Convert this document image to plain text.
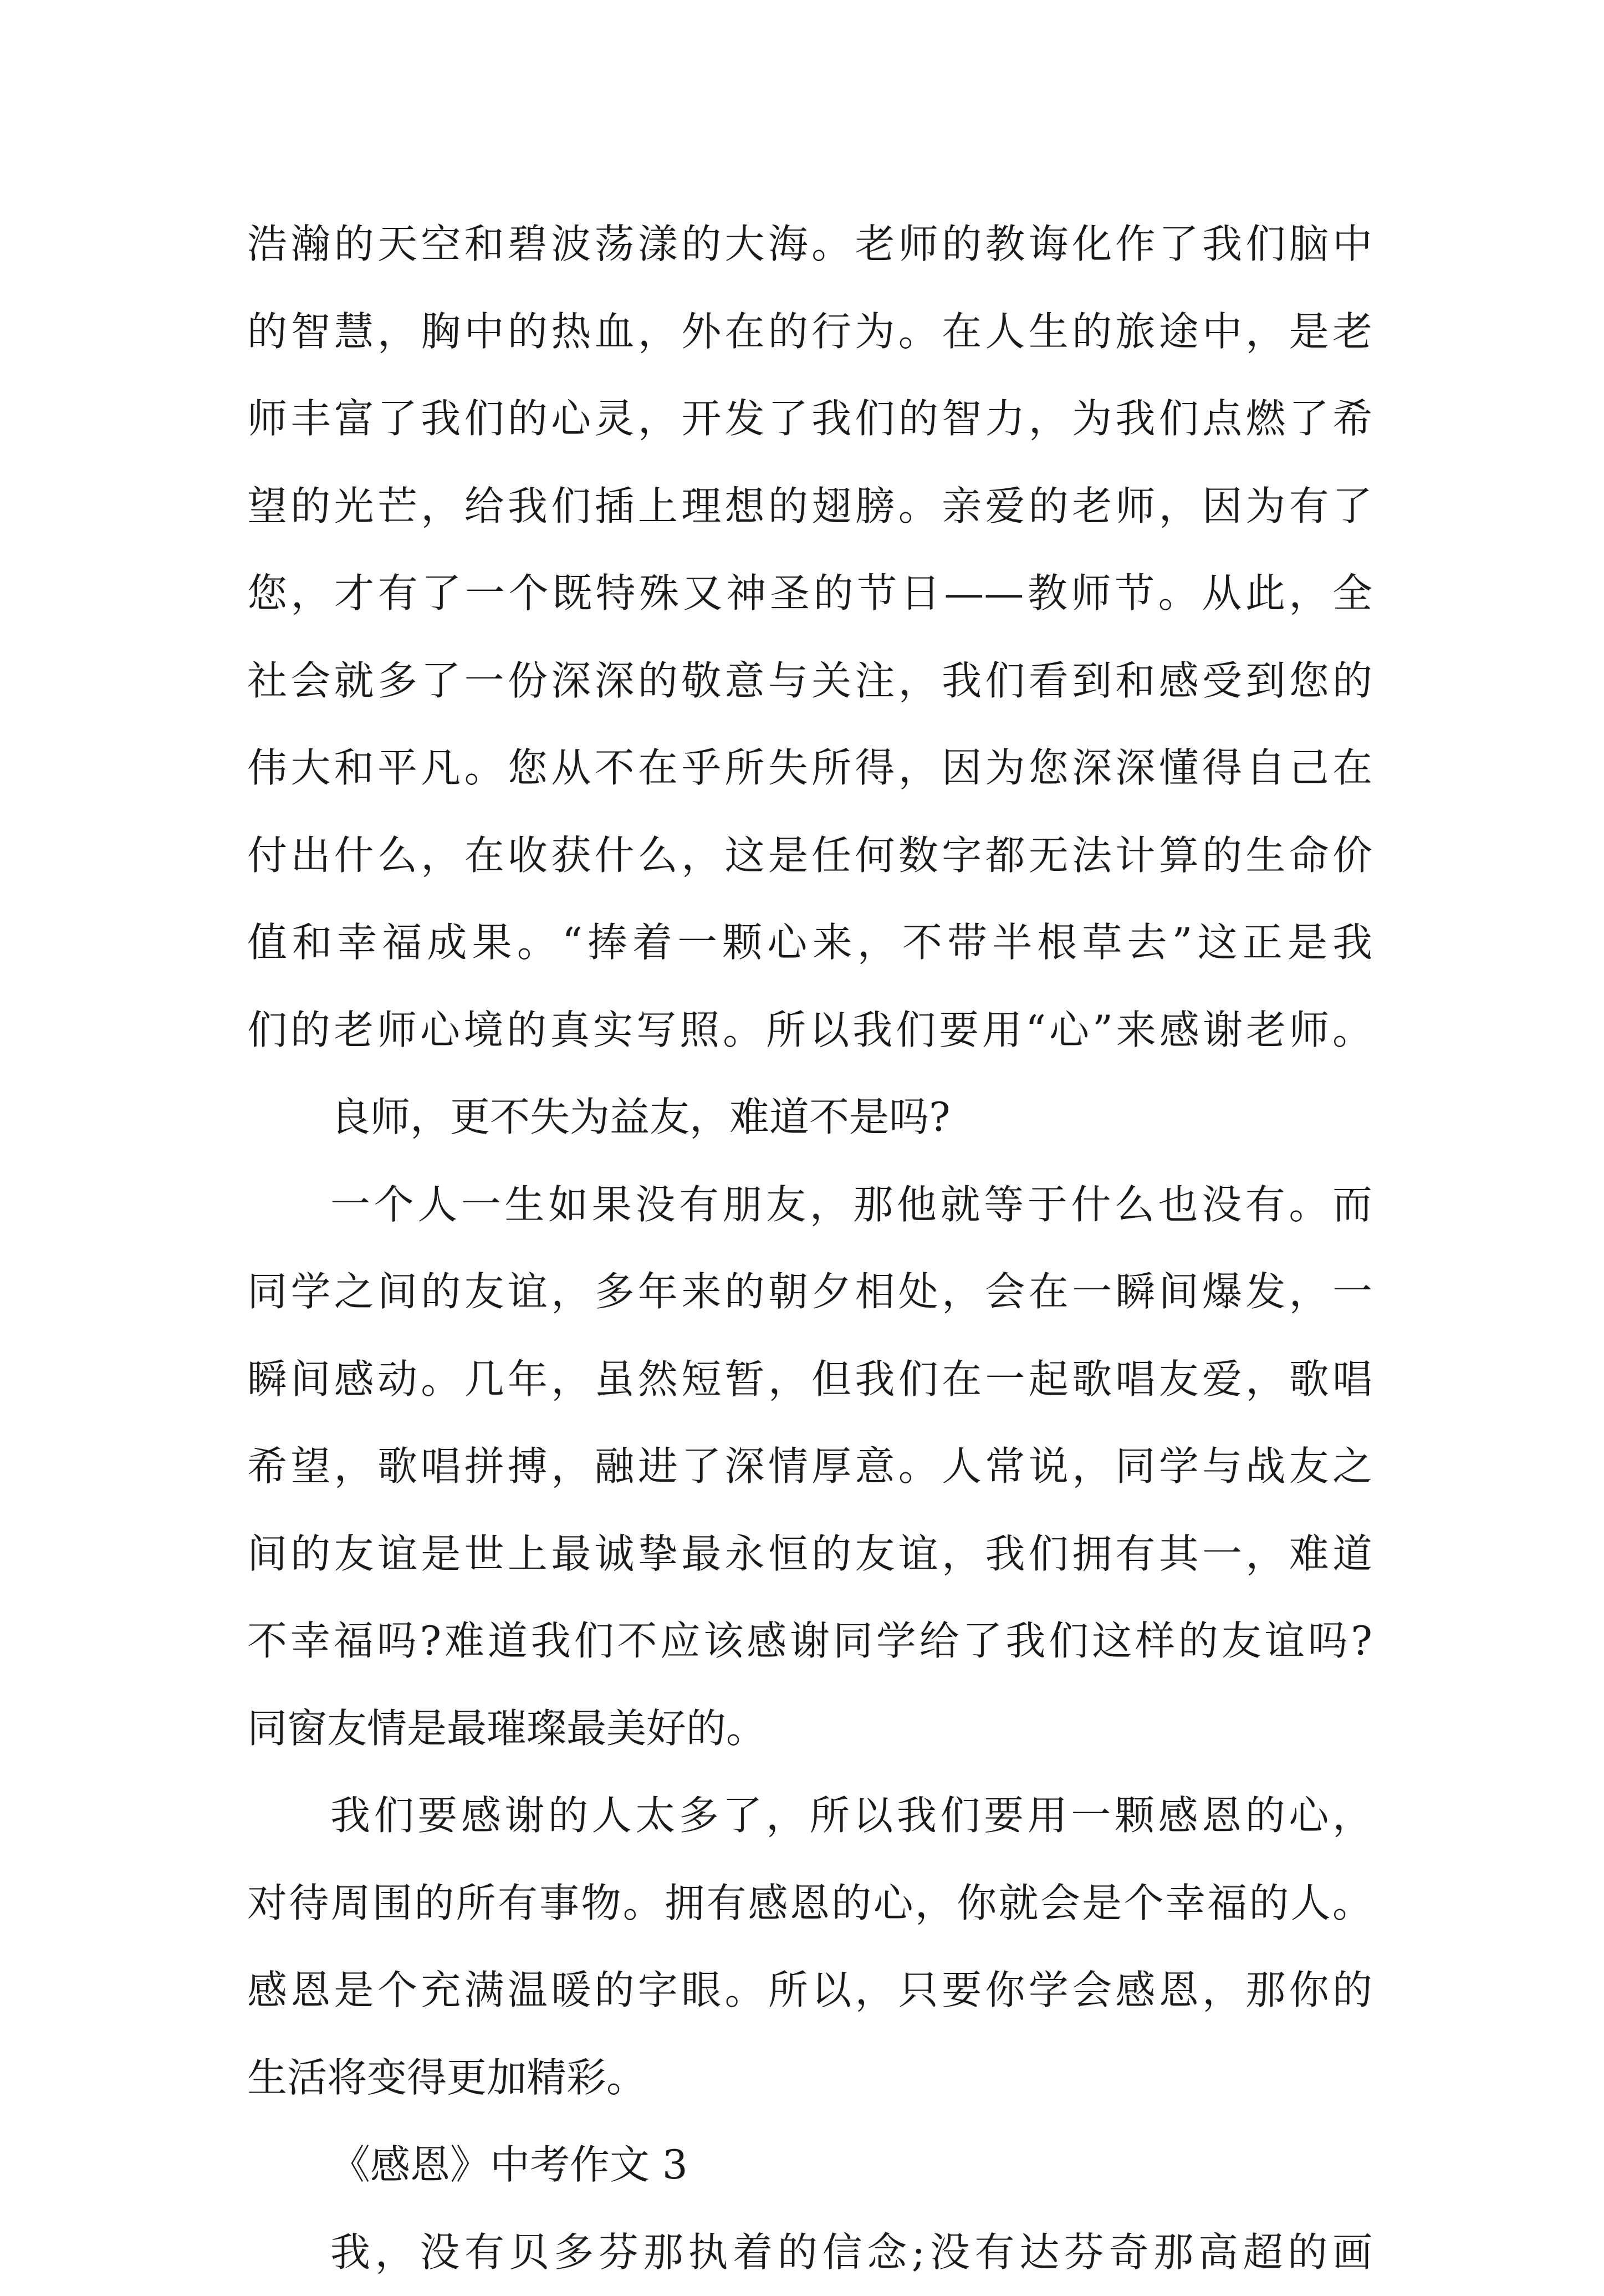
浩瀚的天空和碧波荡漾的大海。老师的教诲化作了我们脑中
的智慧，胸中的热血，外在的行为。在人生的旅途中，是老
师丰富了我们的心灵，开发了我们的智力，为我们点燃了希
望的光芒，给我们插上理想的翅膀。亲爱的老师，因为有了
您，才有了一个既特殊又神圣的节日——教师节。从此，全
社会就多了一份深深的敬意与关注，我们看到和感受到您的
伟大和平凡。您从不在乎所失所得，因为您深深懂得自己在
付出什么，在收获什么，这是任何数字都无法计算的生命价
值和幸福成果。“捧着一颗心来，不带半根草去”这正是我
们的老师心境的真实写照。所以我们要用“心”来感谢老师。
良师，更不失为益友，难道不是吗?
一个人一生如果没有朋友，那他就等于什么也没有。而
同学之间的友谊，多年来的朝夕相处，会在一瞬间爆发，一
瞬间感动。几年，虽然短暂，但我们在一起歌唱友爱，歌唱
希望，歌唱拼搏，融进了深情厚意。人常说，同学与战友之
间的友谊是世上最诚挚最永恒的友谊，我们拥有其一，难道
不幸福吗?难道我们不应该感谢同学给了我们这样的友谊吗?
同窗友情是最璀璨最美好的。
我们要感谢的人太多了，所以我们要用一颗感恩的心，
对待周围的所有事物。拥有感恩的心，你就会是个幸福的人。
感恩是个充满温暖的字眼。所以，只要你学会感恩，那你的
生活将变得更加精彩。
《感恩》中考作文 3
我，没有贝多芬那执着的信念;没有达芬奇那高超的画
